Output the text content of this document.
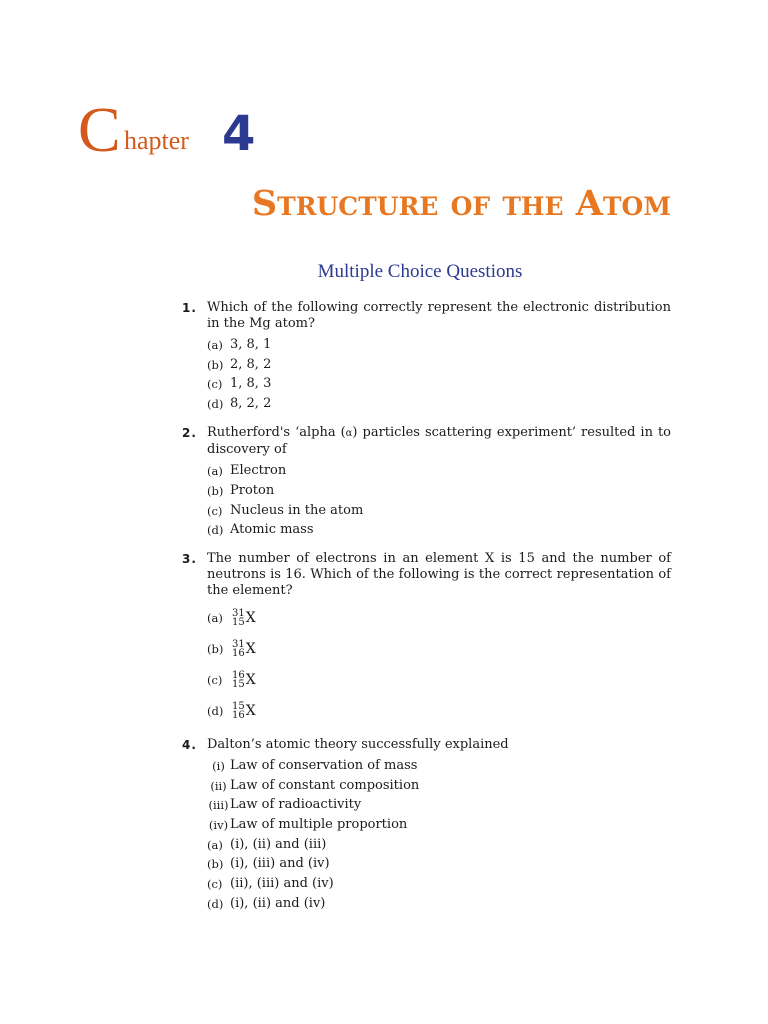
C hapter 4
Structure of the Atom
Multiple Choice Questions
1. Which of the following correctly represent the electronic distribution in the Mg atom?
(a) 3, 8, 1
(b) 2, 8, 2
(c) 1, 8, 3
(d) 8, 2, 2
2. Rutherford's ‘alpha (α) particles scattering experiment’ resulted in to discovery of
(a) Electron
(b) Proton
(c) Nucleus in the atom
(d) Atomic mass
3. The number of electrons in an element X is 15 and the number of neutrons is 16. Which of the following is the correct representation of the element?
(a) 31
15 X
(b) 31
16 X
(c) 16
15 X
(d) 15
16 X
4. Dalton’s atomic theory successfully explained
(i) Law of conservation of mass
(ii) Law of constant composition
(iii) Law of radioactivity
(iv) Law of multiple proportion
(a) (i), (ii) and (iii)
(b) (i), (iii) and (iv)
(c) (ii), (iii) and (iv)
(d) (i), (ii) and (iv)
